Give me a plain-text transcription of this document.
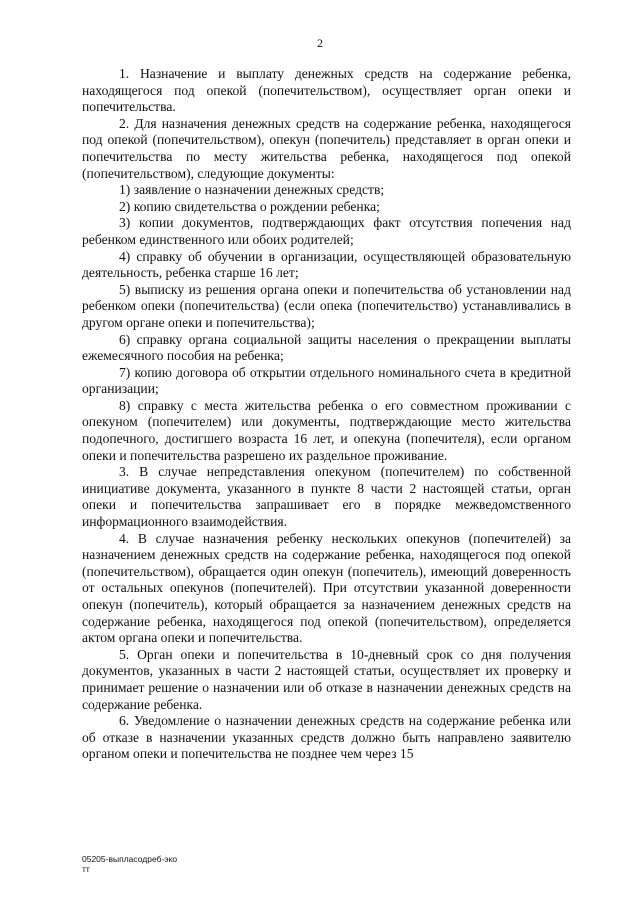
2

1. Назначение и выплату денежных средств на содержание ребенка, находящегося под опекой (попечительством), осуществляет орган опеки и попечительства.

2. Для назначения денежных средств на содержание ребенка, находящегося под опекой (попечительством), опекун (попечитель) представляет в орган опеки и попечительства по месту жительства ребенка, находящегося под опекой (попечительством), следующие документы:

1) заявление о назначении денежных средств;

2) копию свидетельства о рождении ребенка;

3) копии документов, подтверждающих факт отсутствия попечения над ребенком единственного или обоих родителей;

4) справку об обучении в организации, осуществляющей образовательную деятельность, ребенка старше 16 лет;

5) выписку из решения органа опеки и попечительства об установлении над ребенком опеки (попечительства) (если опека (попечительство) устанавливались в другом органе опеки и попечительства);

6) справку органа социальной защиты населения о прекращении выплаты ежемесячного пособия на ребенка;

7) копию договора об открытии отдельного номинального счета в кредитной организации;

8) справку с места жительства ребенка о его совместном проживании с опекуном (попечителем) или документы, подтверждающие место жительства подопечного, достигшего возраста 16 лет, и опекуна (попечителя), если органом опеки и попечительства разрешено их раздельное проживание.

3. В случае непредставления опекуном (попечителем) по собственной инициативе документа, указанного в пункте 8 части 2 настоящей статьи, орган опеки и попечительства запрашивает его в порядке межведомственного информационного взаимодействия.

4. В случае назначения ребенку нескольких опекунов (попечителей) за назначением денежных средств на содержание ребенка, находящегося под опекой (попечительством), обращается один опекун (попечитель), имеющий доверенность от остальных опекунов (попечителей). При отсутствии указанной доверенности опекун (попечитель), который обращается за назначением денежных средств на содержание ребенка, находящегося под опекой (попечительством), определяется актом органа опеки и попечительства.

5. Орган опеки и попечительства в 10-дневный срок со дня получения документов, указанных в части 2 настоящей статьи, осуществляет их проверку и принимает решение о назначении или об отказе в назначении денежных средств на содержание ребенка.

6. Уведомление о назначении денежных средств на содержание ребенка или об отказе в назначении указанных средств должно быть направлено заявителю органом опеки и попечительства не позднее чем через 15

05205-выпласодреб-эко
тт
